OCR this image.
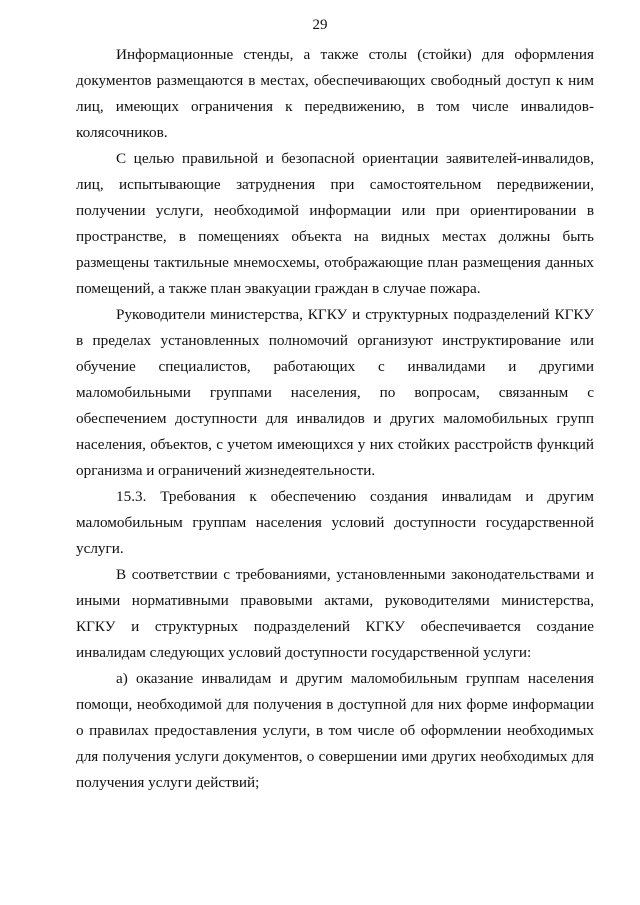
29

Информационные стенды, а также столы (стойки) для оформления документов размещаются в местах, обеспечивающих свободный доступ к ним лиц, имеющих ограничения к передвижению, в том числе инвалидов-колясочников.

С целью правильной и безопасной ориентации заявителей-инвалидов, лиц, испытывающие затруднения при самостоятельном передвижении, получении услуги, необходимой информации или при ориентировании в пространстве, в помещениях объекта на видных местах должны быть размещены тактильные мнемосхемы, отображающие план размещения данных помещений, а также план эвакуации граждан в случае пожара.

Руководители министерства, КГКУ и структурных подразделений КГКУ в пределах установленных полномочий организуют инструктирование или обучение специалистов, работающих с инвалидами и другими маломобильными группами населения, по вопросам, связанным с обеспечением доступности для инвалидов и других маломобильных групп населения, объектов, с учетом имеющихся у них стойких расстройств функций организма и ограничений жизнедеятельности.

15.3. Требования к обеспечению создания инвалидам и другим маломобильным группам населения условий доступности государственной услуги.

В соответствии с требованиями, установленными законодательствами и иными нормативными правовыми актами, руководителями министерства, КГКУ и структурных подразделений КГКУ обеспечивается создание инвалидам следующих условий доступности государственной услуги:

а) оказание инвалидам и другим маломобильным группам населения помощи, необходимой для получения в доступной для них форме информации о правилах предоставления услуги, в том числе об оформлении необходимых для получения услуги документов, о совершении ими других необходимых для получения услуги действий;
